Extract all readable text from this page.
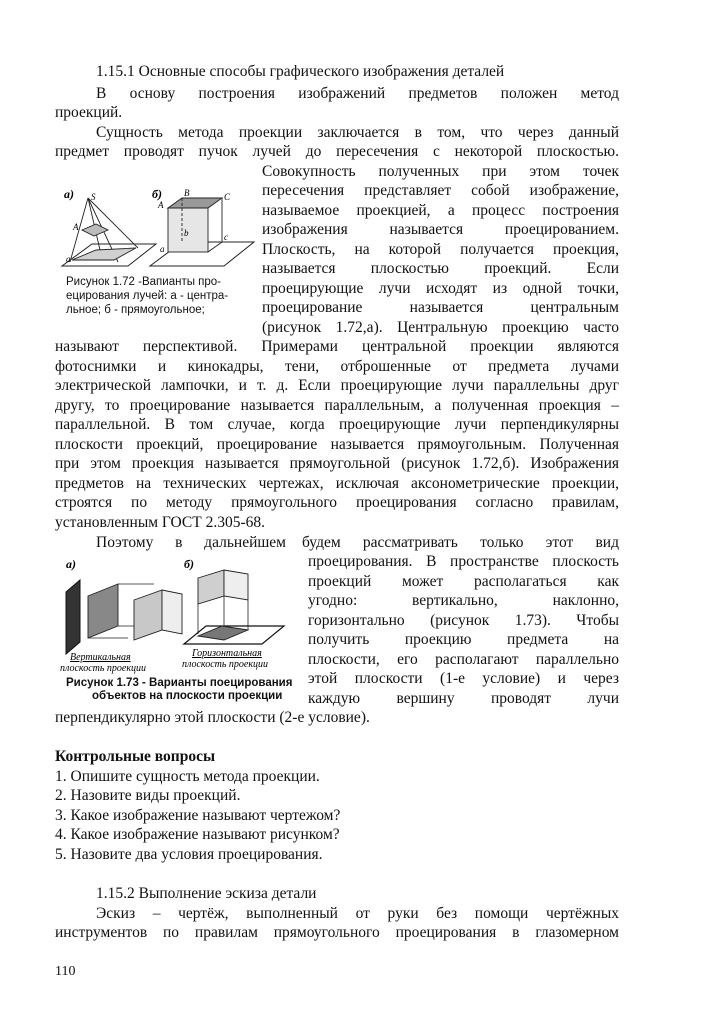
1.15.1 Основные способы графического изображения деталей
В основу построения изображений предметов положен метод
проекций.
Сущность метода проекции заключается в том, что через данный
предмет проводят пучок лучей до пересечения с некоторой плоскостью.
Совокупность полученных при этом точек
пересечения представляет собой изображение,
называемое проекцией, а процесс построения
изображения называется проецированием.
Плоскость, на которой получается проекция,
называется плоскостью проекций. Если
проецирующие лучи исходят из одной точки,
проецирование называется центральным
(рисунок 1.72,а). Центральную проекцию часто
называют перспективой. Примерами центральной проекции являются
фотоснимки и кинокадры, тени, отброшенные от предмета лучами
электрической лампочки, и т. д. Если проецирующие лучи параллельны друг
другу, то проецирование называется параллельным, а полученная проекция –
параллельной. В том случае, когда проецирующие лучи перпендикулярны
плоскости проекций, проецирование называется прямоугольным. Полученная
при этом проекция называется прямоугольной (рисунок 1.72,б). Изображения
предметов на технических чертежах, исключая аксонометрические проекции,
строятся по методу прямоугольного проецирования согласно правилам,
установленным ГОСТ 2.305-68.
а) S
A
a
б)
A
B	C
a
b	c
Рисунок 1.72 -Вапианты про-
ецирования лучей: а - центра-
льное; б - прямоугольное;
Поэтому в дальнейшем будем рассматривать только этот вид
проецирования. В пространстве плоскость
проекций может располагаться как
угодно: вертикально, наклонно,
горизонтально (рисунок 1.73). Чтобы
получить проекцию предмета на
плоскости, его располагают параллельно
этой плоскости (1-е условие) и через
каждую вершину проводят лучи
перпендикулярно этой плоскости (2-е условие).
а)
Вертикальная
плоскость проекции
б)
Горизонтальная
плоскость проекции
Рисунок 1.73 - Варианты поецирования
объектов на плоскости проекции
Контрольные вопросы
1. Опишите сущность метода проекции.
2. Назовите виды проекций.
3. Какое изображение называют чертежом?
4. Какое изображение называют рисунком?
5. Назовите два условия проецирования.
1.15.2 Выполнение эскиза детали
Эскиз – чертёж, выполненный от руки без помощи чертёжных
инструментов по правилам прямоугольного проецирования в глазомерном
110
